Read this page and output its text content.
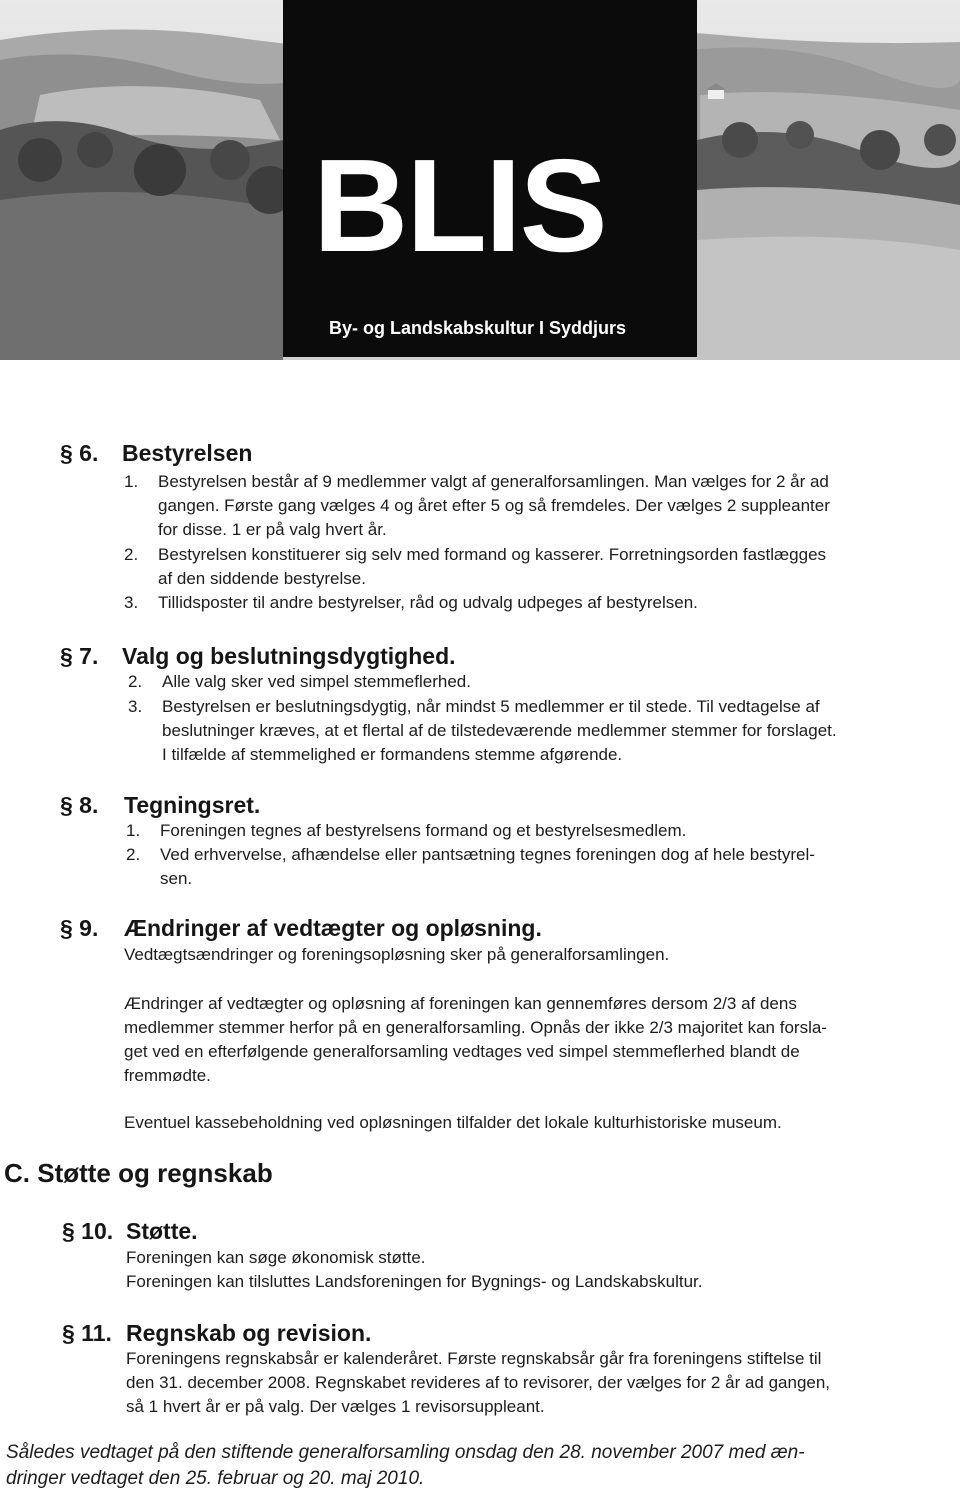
BLIS
By- og Landskabskultur I Syddjurs
§ 6. Bestyrelsen
1. Bestyrelsen består af 9 medlemmer valgt af generalforsamlingen. Man vælges for 2 år ad
gangen. Første gang vælges 4 og året efter 5 og så fremdeles. Der vælges 2 suppleanter
for disse. 1 er på valg hvert år.
2. Bestyrelsen konstituerer sig selv med formand og kasserer. Forretningsorden fastlægges
af den siddende bestyrelse.
3. Tillidsposter til andre bestyrelser, råd og udvalg udpeges af bestyrelsen.
§ 7. Valg og beslutningsdygtighed.
2. Alle valg sker ved simpel stemmeflerhed.
3. Bestyrelsen er beslutningsdygtig, når mindst 5 medlemmer er til stede. Til vedtagelse af
beslutninger kræves, at et flertal af de tilstedeværende medlemmer stemmer for forslaget.
I tilfælde af stemmelighed er formandens stemme afgørende.
§ 8. Tegningsret.
1. Foreningen tegnes af bestyrelsens formand og et bestyrelsesmedlem.
2. Ved erhvervelse, afhændelse eller pantsætning tegnes foreningen dog af hele bestyrel-
sen.
§ 9. Ændringer af vedtægter og opløsning.
Vedtægtsændringer og foreningsopløsning sker på generalforsamlingen.
Ændringer af vedtægter og opløsning af foreningen kan gennemføres dersom 2/3 af dens
medlemmer stemmer herfor på en generalforsamling. Opnås der ikke 2/3 majoritet kan forsla-
get ved en efterfølgende generalforsamling vedtages ved simpel stemmeflerhed blandt de
fremmødte.
Eventuel kassebeholdning ved opløsningen tilfalder det lokale kulturhistoriske museum.
C. Støtte og regnskab
§ 10. Støtte.
Foreningen kan søge økonomisk støtte.
Foreningen kan tilsluttes Landsforeningen for Bygnings- og Landskabskultur.
§ 11. Regnskab og revision.
Foreningens regnskabsår er kalenderåret. Første regnskabsår går fra foreningens stiftelse til
den 31. december 2008. Regnskabet revideres af to revisorer, der vælges for 2 år ad gangen,
så 1 hvert år er på valg. Der vælges 1 revisorsuppleant.
Således vedtaget på den stiftende generalforsamling onsdag den 28. november 2007 med æn-
dringer vedtaget den 25. februar og 20. maj 2010.
